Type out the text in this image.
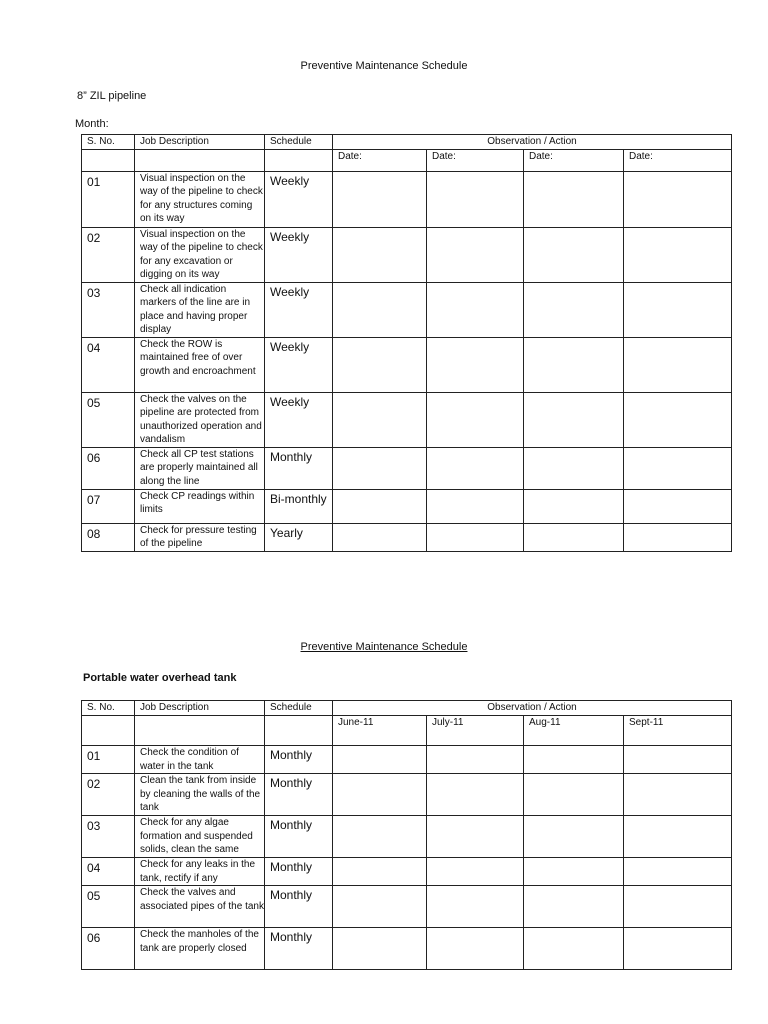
Preventive Maintenance Schedule
8” ZIL pipeline
Month:
S. No.	Job Description	Schedule	Observation / Action			
			Date:	Date:	Date:	Date:
01	Visual inspection on the way of the pipeline to check for any structures coming on its way	Weekly				
02	Visual inspection on the way of the pipeline to check for any excavation or digging on its way	Weekly				
03	Check all indication markers of the line are in place and having proper display	Weekly				
04	Check the ROW is maintained free of over growth and encroachment	Weekly				
05	Check the valves on the pipeline are protected from unauthorized operation and vandalism	Weekly				
06	Check all CP test stations are properly maintained all along the line	Monthly				
07	Check CP readings within limits	Bi-monthly				
08	Check for pressure testing of the pipeline	Yearly				
Preventive Maintenance Schedule
Portable water overhead tank
S. No.	Job Description	Schedule	Observation / Action			
			June-11	July-11	Aug-11	Sept-11
01	Check the condition of water in the tank	Monthly				
02	Clean the tank from inside by cleaning the walls of the tank	Monthly				
03	Check for any algae formation and suspended solids, clean the same	Monthly				
04	Check for any leaks in the tank, rectify if any	Monthly				
05	Check the valves and associated pipes of the tank	Monthly				
06	Check the manholes of the tank are properly closed	Monthly				
